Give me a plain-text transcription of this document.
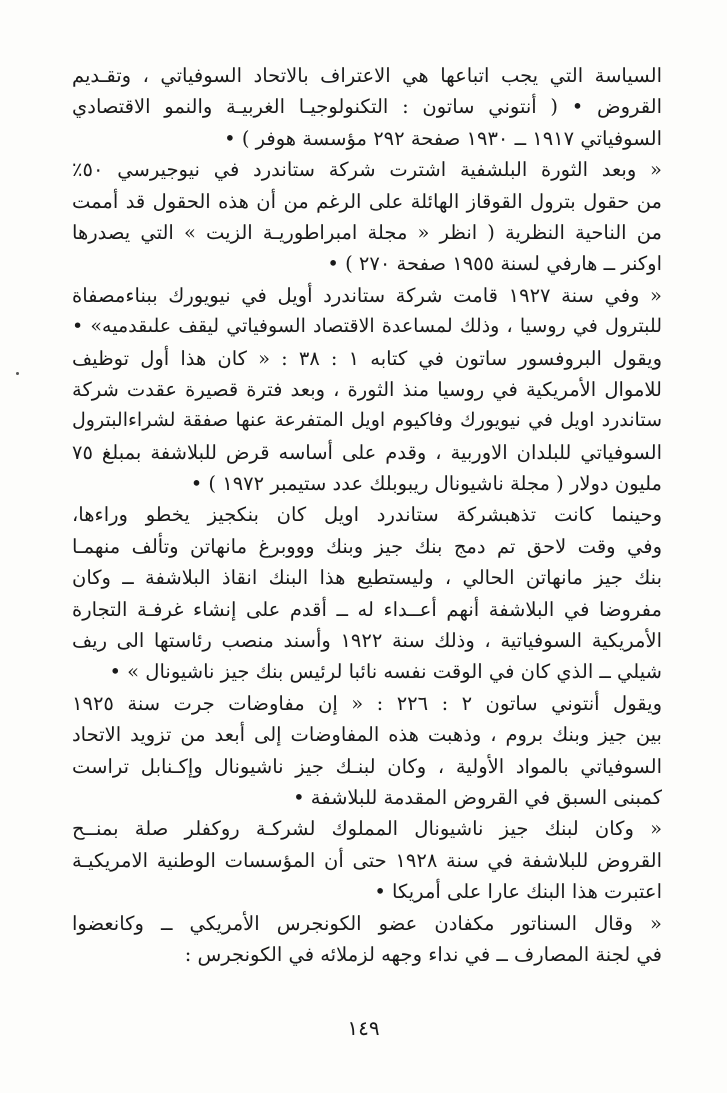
السياسة التي يجب اتباعها هي الاعتراف بالاتحاد السوفياتي ، وتقـديم
القروض • ( أنتوني ساتون : التكنولوجيـا الغربيـة والنمو الاقتصادي
السوفياتي ١٩١٧ ــ ١٩٣٠ صفحة ٢٩٢ مؤسسة هوفر ) •
« وبعد الثورة البلشفية اشترت شركة ستاندرد في نيوجيرسي ٥٠٪
من حقول بترول القوقاز الهائلة على الرغم من أن هذه الحقول قد أممت
من الناحية النظرية ( انظر « مجلة امبراطوريـة الزيت » التي يصدرها
اوكنر ــ هارفي لسنة ١٩٥٥ صفحة ٢٧٠ ) •
« وفي سنة ١٩٢٧ قامت شركة ستاندرد أويل في نيويورك ببناءمصفاة
للبترول في روسيا ، وذلك لمساعدة الاقتصاد السوفياتي ليقف علىقدميه» •
ويقول البروفسور ساتون في كتابه ١ : ٣٨ : « كان هذا أول توظيف
للاموال الأمريكية في روسيا منذ الثورة ، وبعد فترة قصيرة عقدت شركة
ستاندرد اويل في نيويورك وفاكيوم اويل المتفرعة عنها صفقة لشراءالبترول
السوفياتي للبلدان الاوربية ، وقدم على أساسه قرض للبلاشفة بمبلغ ٧٥
مليون دولار ( مجلة ناشيونال ريبوبلك عدد ستيمبر ١٩٧٢ ) •
وحينما كانت تذهبشركة ستاندرد اويل كان بنكجيز يخطو وراءها،
وفي وقت لاحق تم دمج بنك جيز وبنك وووبرغ مانهاتن وتألف منهمـا
بنك جيز مانهاتن الحالي ، وليستطيع هذا البنك انقاذ البلاشفة ــ وكان
مفروضا في البلاشفة أنهم أعــداء له ــ أقدم على إنشاء غرفـة التجارة
الأمريكية السوفياتية ، وذلك سنة ١٩٢٢ وأسند منصب رئاستها الى ريف
شيلي ــ الذي كان في الوقت نفسه نائبا لرئيس بنك جيز ناشيونال » •
ويقول أنتوني ساتون ٢ : ٢٢٦ : « إن مفاوضات جرت سنة ١٩٢٥
بين جيز وبنك بروم ، وذهبت هذه المفاوضات إلى أبعد من تزويد الاتحاد
السوفياتي بالمواد الأولية ، وكان لبنـك جيز ناشيونال وإكـنابل تراست
كمبنى السبق في القروض المقدمة للبلاشفة •
« وكان لبنك جيز ناشيونال المملوك لشركـة روكفلر صلة بمنــح
القروض للبلاشفة في سنة ١٩٢٨ حتى أن المؤسسات الوطنية الامريكيـة
اعتبرت هذا البنك عارا على أمريكا •
« وقال السناتور مكفادن عضو الكونجرس الأمريكي ــ وكانعضوا
في لجنة المصارف ــ في نداء وجهه لزملائه في الكونجرس :
١٤٩
